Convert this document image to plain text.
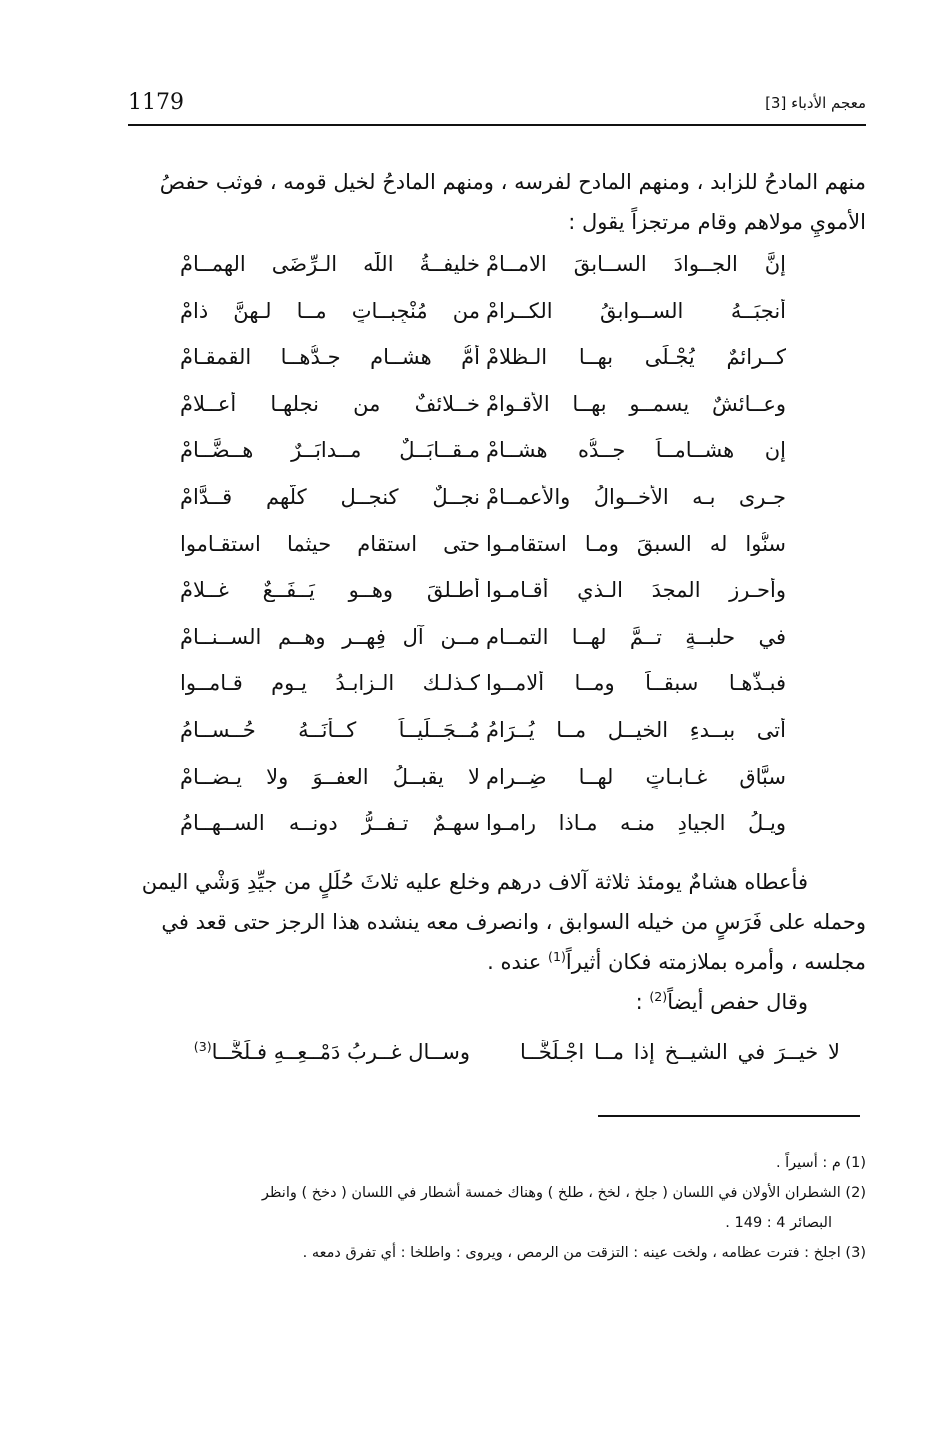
1179	معجم الأدباء [3]

منهم المادحُ للزابد ، ومنهم المادح لفرسه ، ومنهم المادحُ لخيل قومه ، فوثب حفصُ

الأمويِ مولاهم وقام مرتجزاً يقول :

إنَّ الجــوادَ الســابقَ الامــامْ
خليفــةُ اللّٰه الـرِّضَى الهمــامْ
أنجبَــهُ الســوابقُ الكــرامْ
من مُنْجِبــاتٍ مــا لـهنَّ ذامْ
كــرائمٌ يُجْـلَى بهــا الـظلامْ
أمُّ هشــامٍ جـدُّهــا القمقـامْ
وعــائشٌ يسمــو بهــا الأقـوامْ
خــلائفٌ من نجلهـا أعــلامْ
إن هشــامــاً جــدُّه هشــامْ
مـقــابَــلٌ مــدابَــرٌ هــضَّــامْ
جـرى بـه الأخــوالُ والأعمــامْ
نجــلٌ كنجــلٍ كلُّهم قــدَّامْ
سنُّوا له السبقَ ومـا استقامـوا
حتى استقام حيثما استقـاموا
وأحـرز المجدَ الـذي أقـامـوا
أطـلقَ وهــو يَــفَــعٌ غــلامْ
في حلبــةٍ تــمَّ لهــا التمــام
مــن آل فِهــرٍ وهــم الســنــامْ
فبـذَّهـا سبقــاً ومــا ألامــوا
كـذلـك الـزابـدُ يـوم قـامــوا
أتى ببــدءِ الخيــل مــا يُــرَامُ
مُــجَــلِّيــاً كــأنَــهُ حُــســامُ
سبَّاق غـابـاتٍ لهــا ضِــرام
لا يقبــلُ العفــوَ ولا يـضــامْ
ويـلُ الجيادِ منـه مـاذا رامـوا
سهـمٌ تـفــرُّ دونــه الســهــامُ

فأعطاه هشامٌ يومئذ ثلاثة آلاف درهم وخلع عليه ثلاثَ حُلَلٍ من جيِّدِ وَشْي اليمن

وحمله على فَرَسٍ من خيله السوابق ، وانصرف معه ينشده هذا الرجز حتى قعد في

مجلسه ، وأمره بملازمته فكان أثيراً$^{(1)}$ عنده .

وقال حفص أيضاً$^{(2)}$ :

لا خيــرَ في الشيــخ إذا مــا اجْـلَخَّــا
وســال غــربُ دَمْــعِــهِ فـلَخَّــا$^{(3)}$

(1) م : أسيراً .

(2) الشطران الأولان في اللسان ( جلخ ، لخخ ، طلخ ) وهناك خمسة أشطار في اللسان ( دخخ ) وانظر
البصائر 4 : 149 .

(3) اجلخ : فترت عظامه ، ولخت عينه : التزقت من الرمص ، ويروى : واطلخا : أي تفرق دمعه .
